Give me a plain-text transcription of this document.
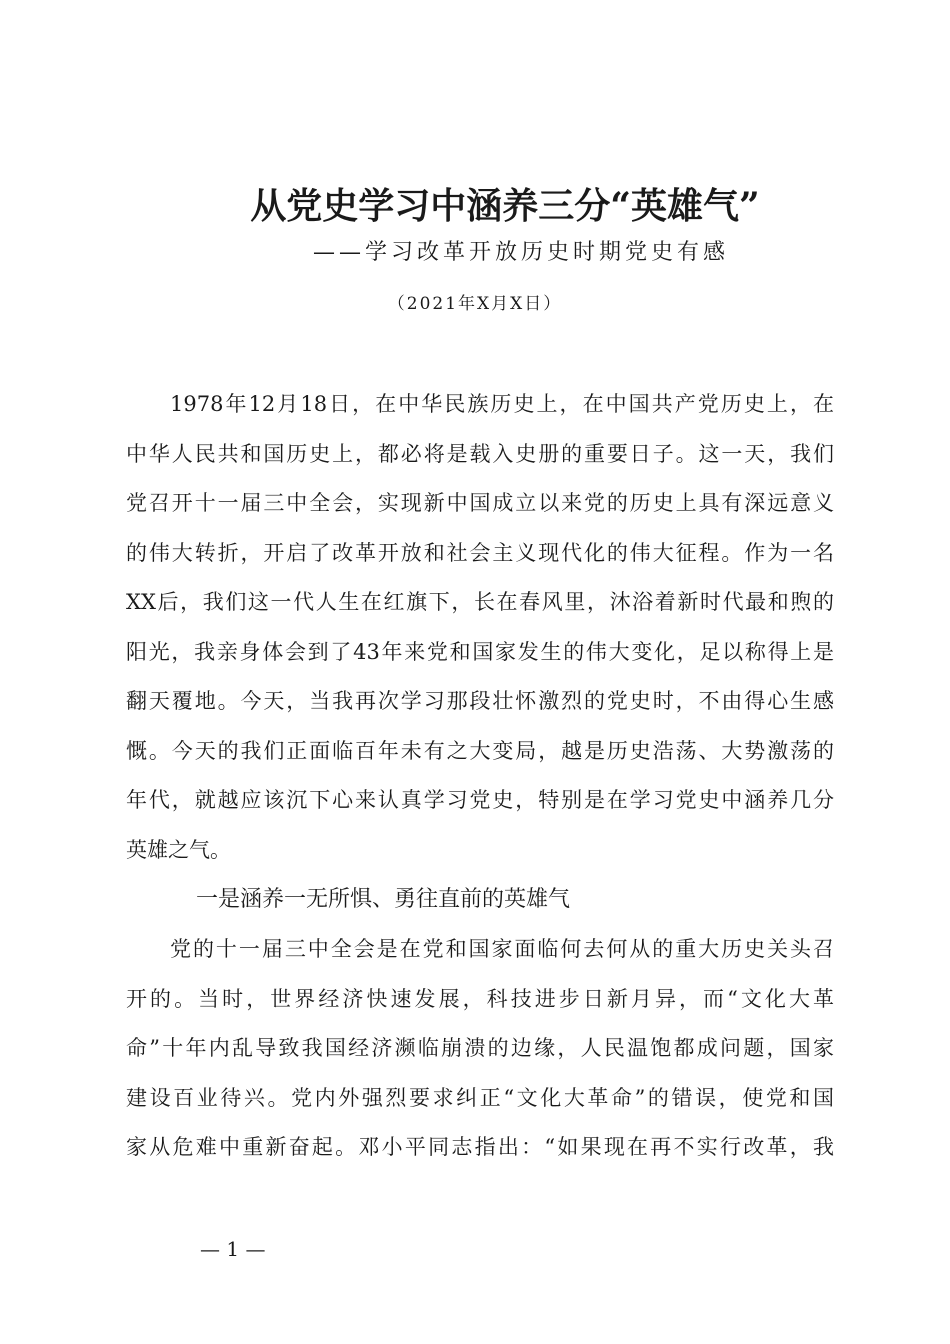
从党史学习中涵养三分“英雄气”
——学习改革开放历史时期党史有感
（2021年X月X日）
1978年12月18日，在中华民族历史上，在中国共产党历史上，在
中华人民共和国历史上，都必将是载入史册的重要日子。这一天，我们
党召开十一届三中全会，实现新中国成立以来党的历史上具有深远意义
的伟大转折，开启了改革开放和社会主义现代化的伟大征程。作为一名
XX后，我们这一代人生在红旗下，长在春风里，沐浴着新时代最和煦的
阳光，我亲身体会到了43年来党和国家发生的伟大变化，足以称得上是
翻天覆地。今天，当我再次学习那段壮怀激烈的党史时，不由得心生感
慨。今天的我们正面临百年未有之大变局，越是历史浩荡、大势激荡的
年代，就越应该沉下心来认真学习党史，特别是在学习党史中涵养几分
英雄之气。
一是涵养一无所惧、勇往直前的英雄气
党的十一届三中全会是在党和国家面临何去何从的重大历史关头召
开的。当时，世界经济快速发展，科技进步日新月异，而“文化大革
命”十年内乱导致我国经济濒临崩溃的边缘，人民温饱都成问题，国家
建设百业待兴。党内外强烈要求纠正“文化大革命”的错误，使党和国
家从危难中重新奋起。邓小平同志指出：“如果现在再不实行改革，我
— 1 —
